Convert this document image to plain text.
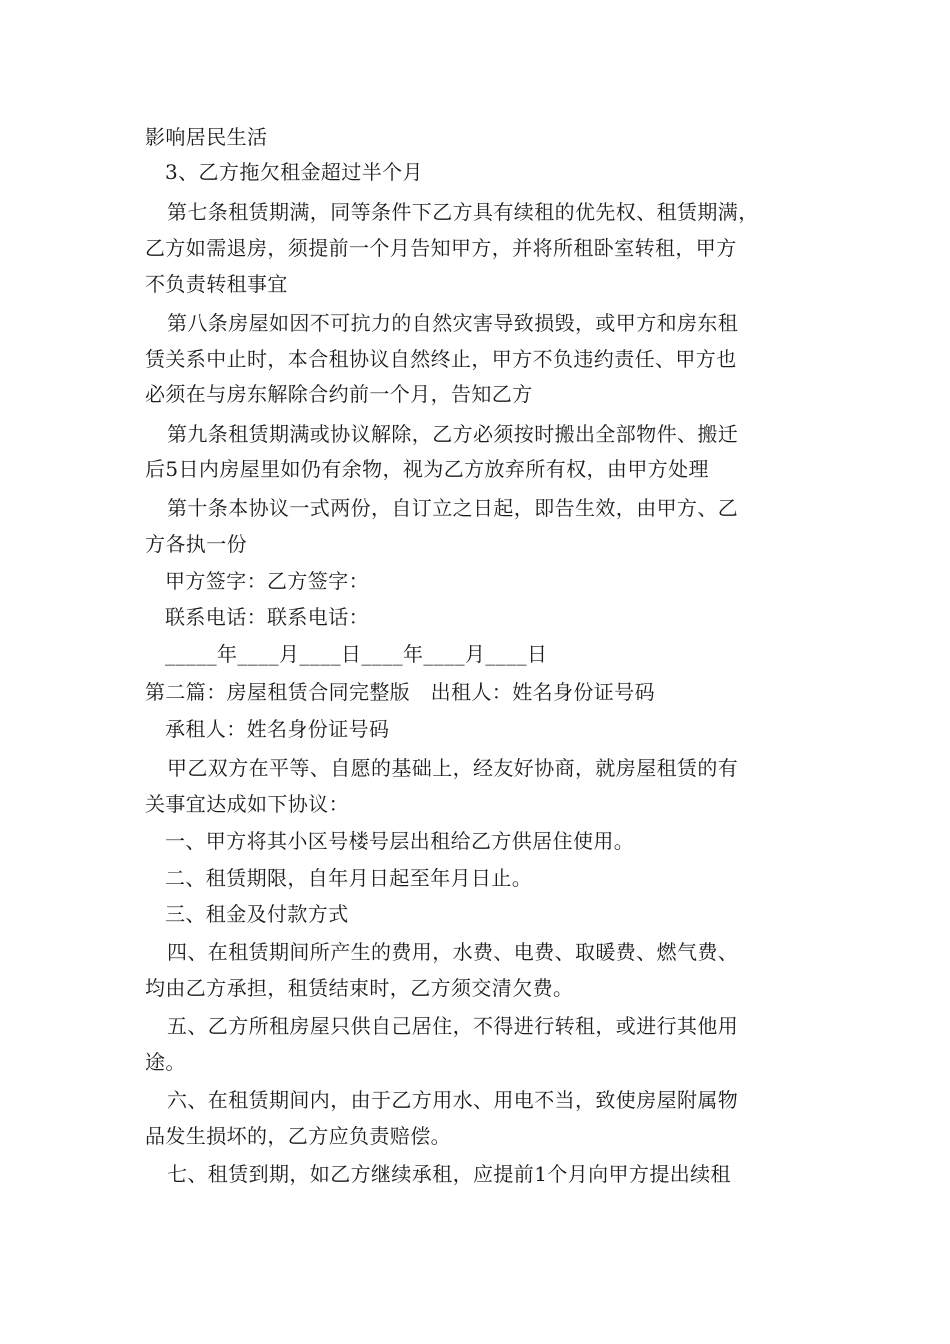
影响居民生活
3、乙方拖欠租金超过半个月
第七条租赁期满，同等条件下乙方具有续租的优先权、租赁期满，
乙方如需退房，须提前一个月告知甲方，并将所租卧室转租，甲方
不负责转租事宜
第八条房屋如因不可抗力的自然灾害导致损毁，或甲方和房东租
赁关系中止时，本合租协议自然终止，甲方不负违约责任、甲方也
必须在与房东解除合约前一个月，告知乙方
第九条租赁期满或协议解除，乙方必须按时搬出全部物件、搬迁
后5日内房屋里如仍有余物，视为乙方放弃所有权，由甲方处理
第十条本协议一式两份，自订立之日起，即告生效，由甲方、乙
方各执一份
甲方签字：乙方签字：
联系电话：联系电话：
_____年____月____日____年____月____日
第二篇：房屋租赁合同完整版　出租人：姓名身份证号码
承租人：姓名身份证号码
甲乙双方在平等、自愿的基础上，经友好协商，就房屋租赁的有
关事宜达成如下协议：
一、甲方将其小区号楼号层出租给乙方供居住使用。
二、租赁期限，自年月日起至年月日止。
三、租金及付款方式
四、在租赁期间所产生的费用，水费、电费、取暖费、燃气费、
均由乙方承担，租赁结束时，乙方须交清欠费。
五、乙方所租房屋只供自己居住，不得进行转租，或进行其他用
途。
六、在租赁期间内，由于乙方用水、用电不当，致使房屋附属物
品发生损坏的，乙方应负责赔偿。
七、租赁到期，如乙方继续承租，应提前1个月向甲方提出续租
